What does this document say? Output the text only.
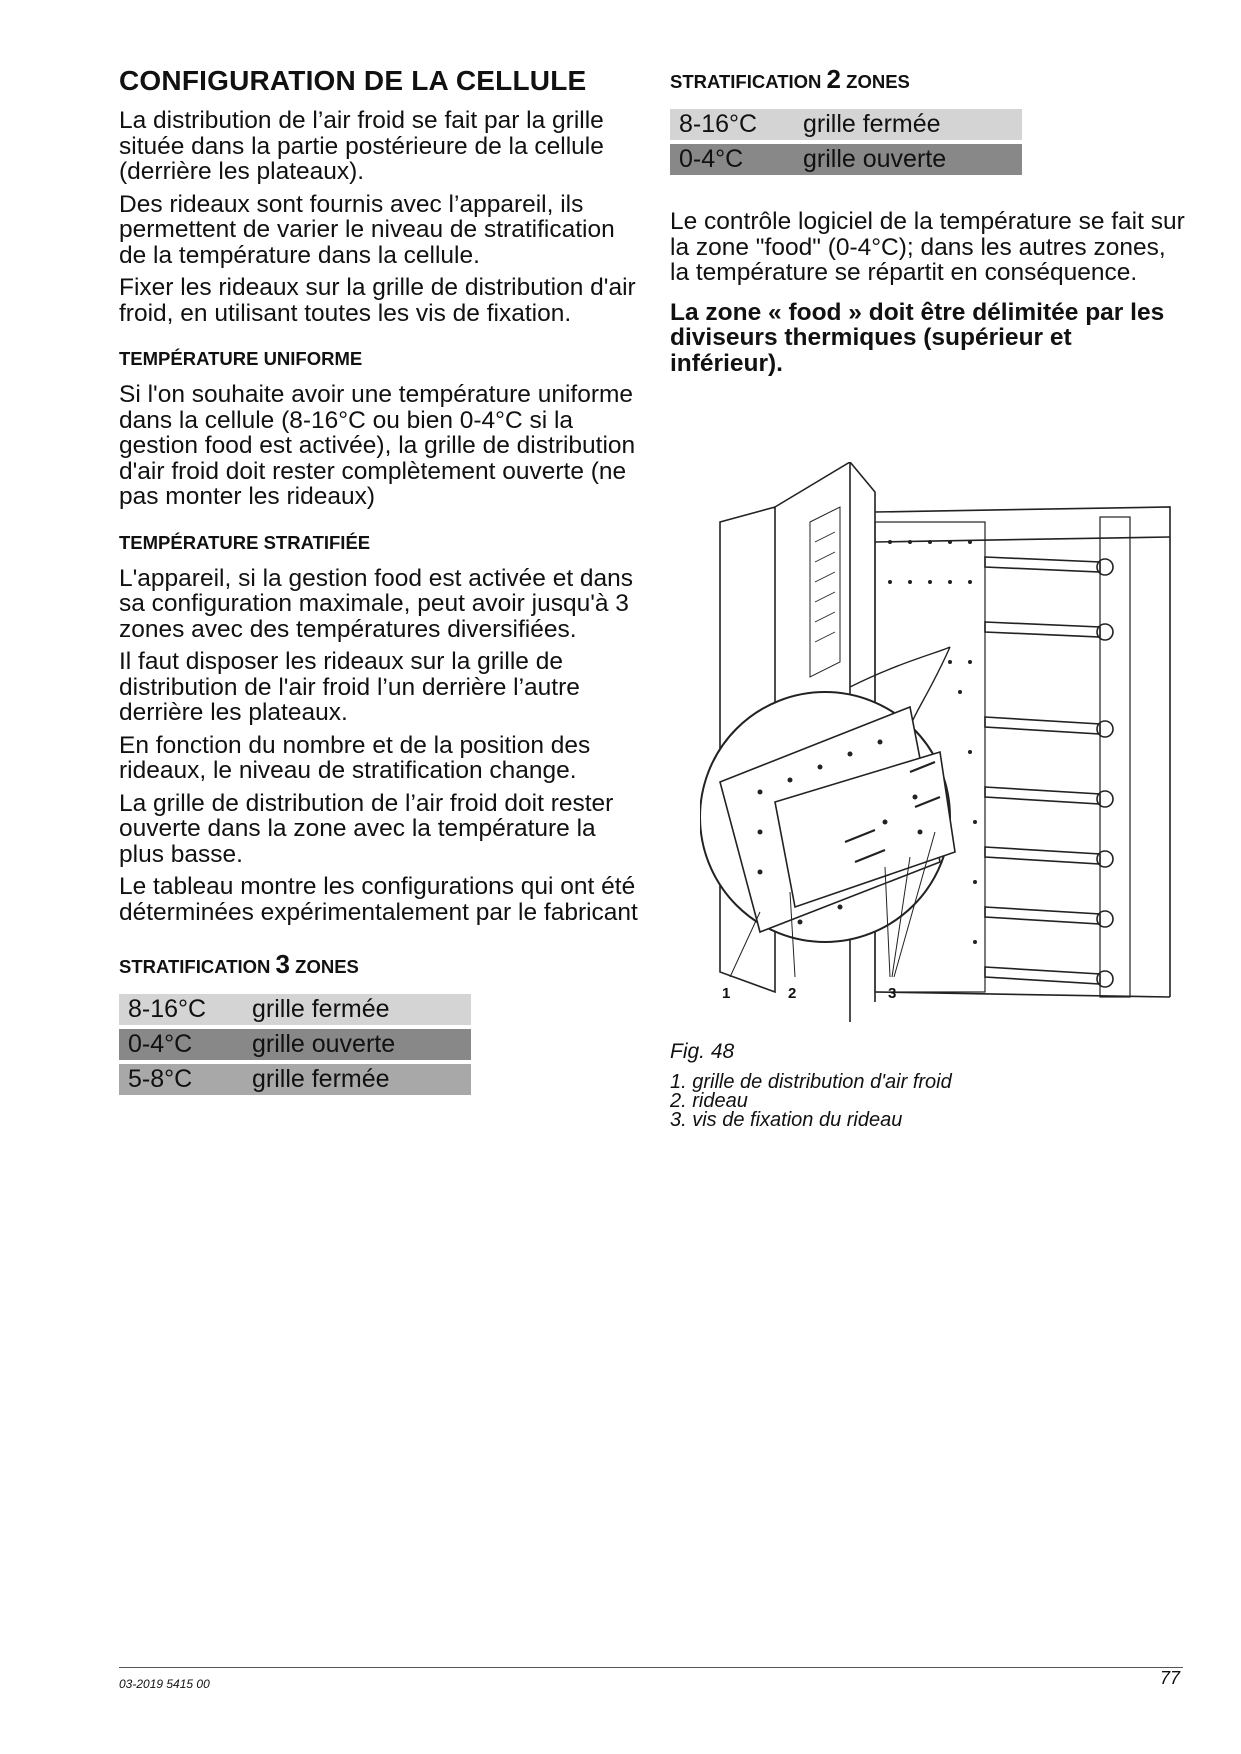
CONFIGURATION DE LA CELLULE

La distribution de l’air froid se fait par la grille située dans la partie postérieure de la cellule (derrière les plateaux).

Des rideaux sont fournis avec l’appareil, ils permettent de varier le niveau de stratification de la température dans la cellule.

Fixer les rideaux sur la grille de distribution d'air froid, en utilisant toutes les vis de fixation.

TEMPÉRATURE UNIFORME

Si l'on souhaite avoir une température uniforme dans la cellule (8-16°C ou bien 0-4°C si la gestion food est activée), la grille de distribution d'air froid doit rester complètement ouverte (ne pas monter les rideaux)

TEMPÉRATURE STRATIFIÉE

L'appareil, si la gestion food est activée et dans sa configuration maximale, peut avoir jusqu'à 3 zones avec des températures diversifiées.

Il faut disposer les rideaux sur la grille de distribution de l'air froid l’un derrière l’autre derrière les plateaux.

En fonction du nombre et de la position des rideaux, le niveau de stratification change.

La grille de distribution de l’air froid doit rester ouverte dans la zone avec la température la plus basse.

Le tableau montre les configurations qui ont été déterminées expérimentalement par le fabricant

STRATIFICATION 3 ZONES
8-16°C	grille fermée
0-4°C	grille ouverte
5-8°C	grille fermée
STRATIFICATION 2 ZONES
8-16°C	grille fermée
0-4°C	grille ouverte

Le contrôle logiciel de la température se fait sur la zone "food" (0-4°C); dans les autres zones, la température se répartit en conséquence.

La zone « food » doit être délimitée par les diviseurs thermiques (supérieur et inférieur).

1	2	3
Fig. 48
1. grille de distribution d'air froid
2. rideau
3. vis de fixation du rideau
03-2019 5415 00	77
